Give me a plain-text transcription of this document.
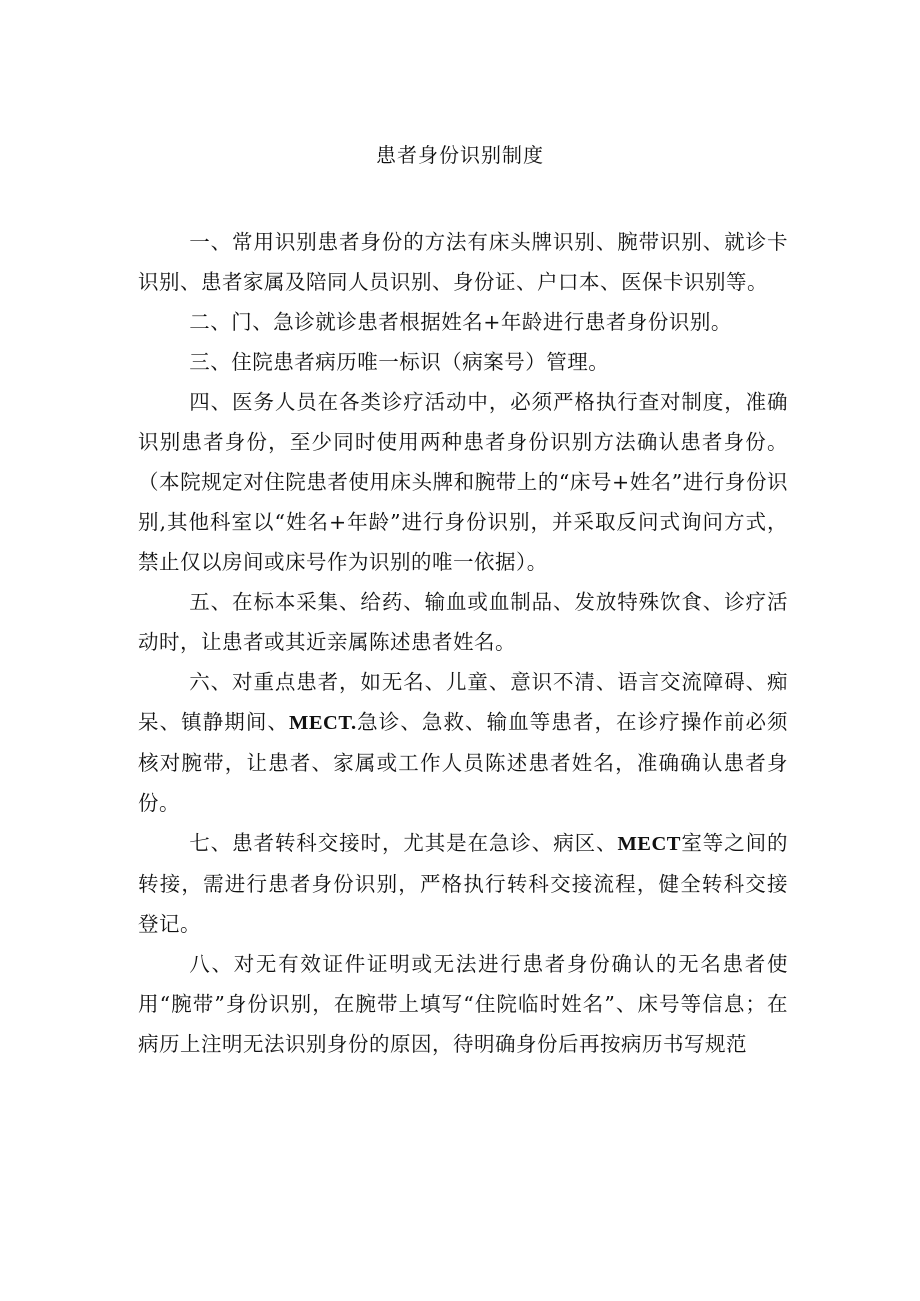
患者身份识别制度

一、常用识别患者身份的方法有床头牌识别、腕带识别、就诊卡识别、患者家属及陪同人员识别、身份证、户口本、医保卡识别等。

二、门、急诊就诊患者根据姓名+年龄进行患者身份识别。

三、住院患者病历唯一标识（病案号）管理。

四、医务人员在各类诊疗活动中，必须严格执行查对制度，准确识别患者身份，至少同时使用两种患者身份识别方法确认患者身份。（本院规定对住院患者使用床头牌和腕带上的“床号+姓名”进行身份识别,其他科室以“姓名+年龄”进行身份识别，并采取反问式询问方式，禁止仅以房间或床号作为识别的唯一依据）。

五、在标本采集、给药、输血或血制品、发放特殊饮食、诊疗活动时，让患者或其近亲属陈述患者姓名。

六、对重点患者，如无名、儿童、意识不清、语言交流障碍、痴呆、镇静期间、MECT.急诊、急救、输血等患者，在诊疗操作前必须核对腕带，让患者、家属或工作人员陈述患者姓名，准确确认患者身份。

七、患者转科交接时，尤其是在急诊、病区、MECT室等之间的转接，需进行患者身份识别，严格执行转科交接流程，健全转科交接登记。

八、对无有效证件证明或无法进行患者身份确认的无名患者使用“腕带”身份识别，在腕带上填写“住院临时姓名”、床号等信息；在病历上注明无法识别身份的原因，待明确身份后再按病历书写规范
